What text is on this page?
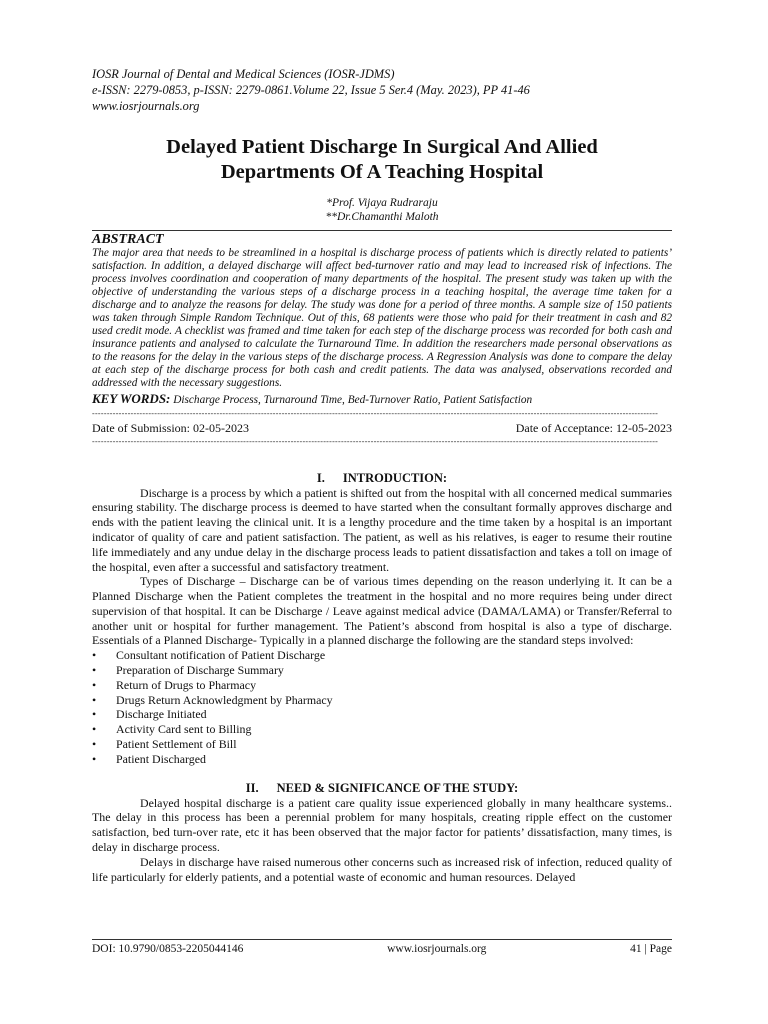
IOSR Journal of Dental and Medical Sciences (IOSR-JDMS)
e-ISSN: 2279-0853, p-ISSN: 2279-0861.Volume 22, Issue 5 Ser.4 (May. 2023), PP 41-46
www.iosrjournals.org
Delayed Patient Discharge In Surgical And Allied
Departments Of A Teaching Hospital
*Prof. Vijaya Rudraraju
**Dr.Chamanthi Maloth
ABSTRACT
The major area that needs to be streamlined in a hospital is discharge process of patients which is directly related to patients’ satisfaction. In addition, a delayed discharge will affect bed-turnover ratio and may lead to increased risk of infections. The process involves coordination and cooperation of many departments of the hospital. The present study was taken up with the objective of understanding the various steps of a discharge process in a teaching hospital, the average time taken for a discharge and to analyze the reasons for delay. The study was done for a period of three months. A sample size of 150 patients was taken through Simple Random Technique. Out of this, 68 patients were those who paid for their treatment in cash and 82 used credit mode. A checklist was framed and time taken for each step of the discharge process was recorded for both cash and insurance patients and analysed to calculate the Turnaround Time. In addition the researchers made personal observations as to the reasons for the delay in the various steps of the discharge process. A Regression Analysis was done to compare the delay at each step of the discharge process for both cash and credit patients. The data was analysed, observations recorded and addressed with the necessary suggestions.
KEY WORDS: Discharge Process, Turnaround Time, Bed-Turnover Ratio, Patient Satisfaction
-----------------------------------------------------------------------------------------------------------------------------------------------------------------------------------------------
Date of Submission: 02-05-2023	Date of Acceptance: 12-05-2023
-----------------------------------------------------------------------------------------------------------------------------------------------------------------------------------------------
I. INTRODUCTION:

Discharge is a process by which a patient is shifted out from the hospital with all concerned medical summaries ensuring stability. The discharge process is deemed to have started when the consultant formally approves discharge and ends with the patient leaving the clinical unit. It is a lengthy procedure and the time taken by a hospital is an important indicator of quality of care and patient satisfaction. The patient, as well as his relatives, is eager to resume their routine life immediately and any undue delay in the discharge process leads to patient dissatisfaction and takes a toll on image of the hospital, even after a successful and satisfactory treatment.

Types of Discharge – Discharge can be of various times depending on the reason underlying it. It can be a Planned Discharge when the Patient completes the treatment in the hospital and no more requires being under direct supervision of that hospital. It can be Discharge / Leave against medical advice (DAMA/LAMA) or Transfer/Referral to another unit or hospital for further management. The Patient’s abscond from hospital is also a type of discharge. Essentials of a Planned Discharge- Typically in a planned discharge the following are the standard steps involved:

• Consultant notification of Patient Discharge
• Preparation of Discharge Summary
• Return of Drugs to Pharmacy
• Drugs Return Acknowledgment by Pharmacy
• Discharge Initiated
• Activity Card sent to Billing
• Patient Settlement of Bill
• Patient Discharged
II. NEED & SIGNIFICANCE OF THE STUDY:

Delayed hospital discharge is a patient care quality issue experienced globally in many healthcare systems.. The delay in this process has been a perennial problem for many hospitals, creating ripple effect on the customer satisfaction, bed turn-over rate, etc it has been observed that the major factor for patients’ dissatisfaction, many times, is delay in discharge process.

Delays in discharge have raised numerous other concerns such as increased risk of infection, reduced quality of life particularly for elderly patients, and a potential waste of economic and human resources. Delayed

DOI: 10.9790/0853-2205044146	www.iosrjournals.org	41 | Page
